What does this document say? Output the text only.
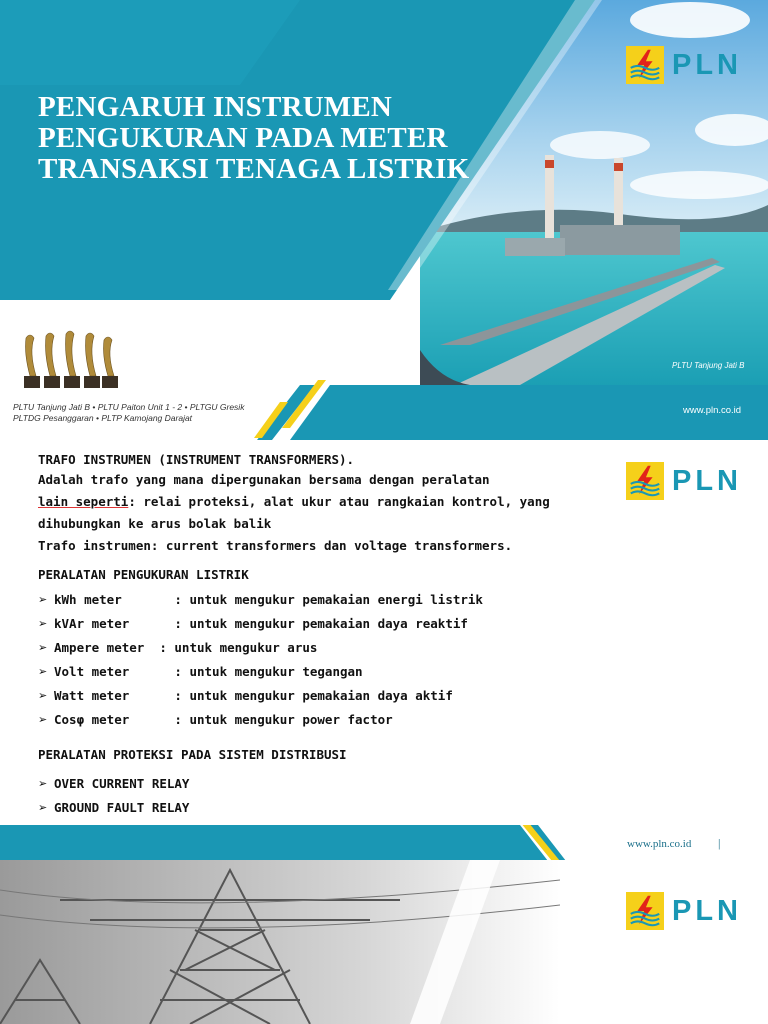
PENGARUH INSTRUMEN PENGUKURAN PADA METER TRANSAKSI TENAGA LISTRIK
PLN
PLTU Tanjung Jati B
PLTU Tanjung Jati B • PLTU Paiton Unit 1 - 2 • PLTGU Gresik
PLTDG Pesanggaran • PLTP Kamojang Darajat
www.pln.co.id
PLN
TRAFO INSTRUMEN (INSTRUMENT TRANSFORMERS).
Adalah trafo yang mana dipergunakan bersama dengan peralatan
lain seperti: relai proteksi, alat ukur atau rangkaian kontrol, yang
dihubungkan ke arus bolak balik
Trafo instrumen: current transformers dan voltage transformers.
PERALATAN PENGUKURAN LISTRIK
➢ kWh meter       : untuk mengukur pemakaian energi listrik
➢ kVAr meter      : untuk mengukur pemakaian daya reaktif
➢ Ampere meter  : untuk mengukur arus
➢ Volt meter      : untuk mengukur tegangan
➢ Watt meter      : untuk mengukur pemakaian daya aktif
➢ Cosφ meter      : untuk mengukur power factor
PERALATAN PROTEKSI PADA SISTEM DISTRIBUSI
➢ OVER CURRENT RELAY
➢ GROUND FAULT RELAY
www.pln.co.id |
PLN
